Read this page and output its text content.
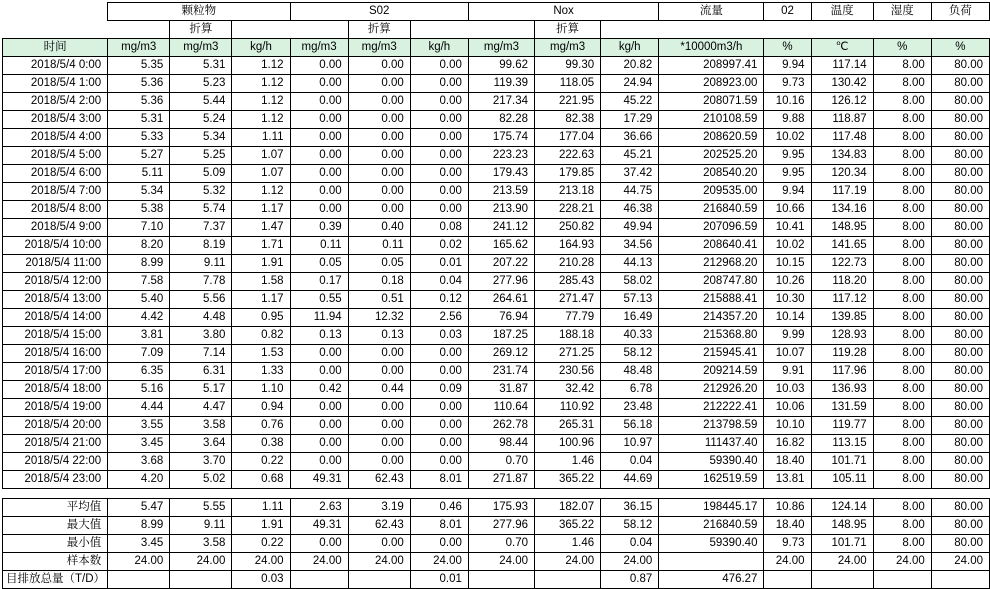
	颗粒物			S02			Nox			流量	02	温度	湿度	负荷
		折算			折算			折算						
时间	mg/m3	mg/m3	kg/h	mg/m3	mg/m3	kg/h	mg/m3	mg/m3	kg/h	*10000m3/h	%	℃	%	%
2018/5/4 0:00	5.35	5.31	1.12	0.00	0.00	0.00	99.62	99.30	20.82	208997.41	9.94	117.14	8.00	80.00
2018/5/4 1:00	5.36	5.23	1.12	0.00	0.00	0.00	119.39	118.05	24.94	208923.00	9.73	130.42	8.00	80.00
2018/5/4 2:00	5.36	5.44	1.12	0.00	0.00	0.00	217.34	221.95	45.22	208071.59	10.16	126.12	8.00	80.00
2018/5/4 3:00	5.31	5.24	1.12	0.00	0.00	0.00	82.28	82.38	17.29	210108.59	9.88	118.87	8.00	80.00
2018/5/4 4:00	5.33	5.34	1.11	0.00	0.00	0.00	175.74	177.04	36.66	208620.59	10.02	117.48	8.00	80.00
2018/5/4 5:00	5.27	5.25	1.07	0.00	0.00	0.00	223.23	222.63	45.21	202525.20	9.95	134.83	8.00	80.00
2018/5/4 6:00	5.11	5.09	1.07	0.00	0.00	0.00	179.43	179.85	37.42	208540.20	9.95	120.34	8.00	80.00
2018/5/4 7:00	5.34	5.32	1.12	0.00	0.00	0.00	213.59	213.18	44.75	209535.00	9.94	117.19	8.00	80.00
2018/5/4 8:00	5.38	5.74	1.17	0.00	0.00	0.00	213.90	228.21	46.38	216840.59	10.66	134.16	8.00	80.00
2018/5/4 9:00	7.10	7.37	1.47	0.39	0.40	0.08	241.12	250.82	49.94	207096.59	10.41	148.95	8.00	80.00
2018/5/4 10:00	8.20	8.19	1.71	0.11	0.11	0.02	165.62	164.93	34.56	208640.41	10.02	141.65	8.00	80.00
2018/5/4 11:00	8.99	9.11	1.91	0.05	0.05	0.01	207.22	210.28	44.13	212968.20	10.15	122.73	8.00	80.00
2018/5/4 12:00	7.58	7.78	1.58	0.17	0.18	0.04	277.96	285.43	58.02	208747.80	10.26	118.20	8.00	80.00
2018/5/4 13:00	5.40	5.56	1.17	0.55	0.51	0.12	264.61	271.47	57.13	215888.41	10.30	117.12	8.00	80.00
2018/5/4 14:00	4.42	4.48	0.95	11.94	12.32	2.56	76.94	77.79	16.49	214357.20	10.14	139.85	8.00	80.00
2018/5/4 15:00	3.81	3.80	0.82	0.13	0.13	0.03	187.25	188.18	40.33	215368.80	9.99	128.93	8.00	80.00
2018/5/4 16:00	7.09	7.14	1.53	0.00	0.00	0.00	269.12	271.25	58.12	215945.41	10.07	119.28	8.00	80.00
2018/5/4 17:00	6.35	6.31	1.33	0.00	0.00	0.00	231.74	230.56	48.48	209214.59	9.91	117.96	8.00	80.00
2018/5/4 18:00	5.16	5.17	1.10	0.42	0.44	0.09	31.87	32.42	6.78	212926.20	10.03	136.93	8.00	80.00
2018/5/4 19:00	4.44	4.47	0.94	0.00	0.00	0.00	110.64	110.92	23.48	212222.41	10.06	131.59	8.00	80.00
2018/5/4 20:00	3.55	3.58	0.76	0.00	0.00	0.00	262.78	265.31	56.18	213798.59	10.10	119.77	8.00	80.00
2018/5/4 21:00	3.45	3.64	0.38	0.00	0.00	0.00	98.44	100.96	10.97	111437.40	16.82	113.15	8.00	80.00
2018/5/4 22:00	3.68	3.70	0.22	0.00	0.00	0.00	0.70	1.46	0.04	59390.40	18.40	101.71	8.00	80.00
2018/5/4 23:00	4.20	5.02	0.68	49.31	62.43	8.01	271.87	365.22	44.69	162519.59	13.81	105.11	8.00	80.00

平均值	5.47	5.55	1.11	2.63	3.19	0.46	175.93	182.07	36.15	198445.17	10.86	124.14	8.00	80.00
最大值	8.99	9.11	1.91	49.31	62.43	8.01	277.96	365.22	58.12	216840.59	18.40	148.95	8.00	80.00
最小值	3.45	3.58	0.22	0.00	0.00	0.00	0.70	1.46	0.04	59390.40	9.73	101.71	8.00	80.00
样本数	24.00	24.00	24.00	24.00	24.00	24.00	24.00	24.00	24.00		24.00	24.00	24.00	24.00
目排放总量（T/D）			0.03			0.01			0.87	476.27				
